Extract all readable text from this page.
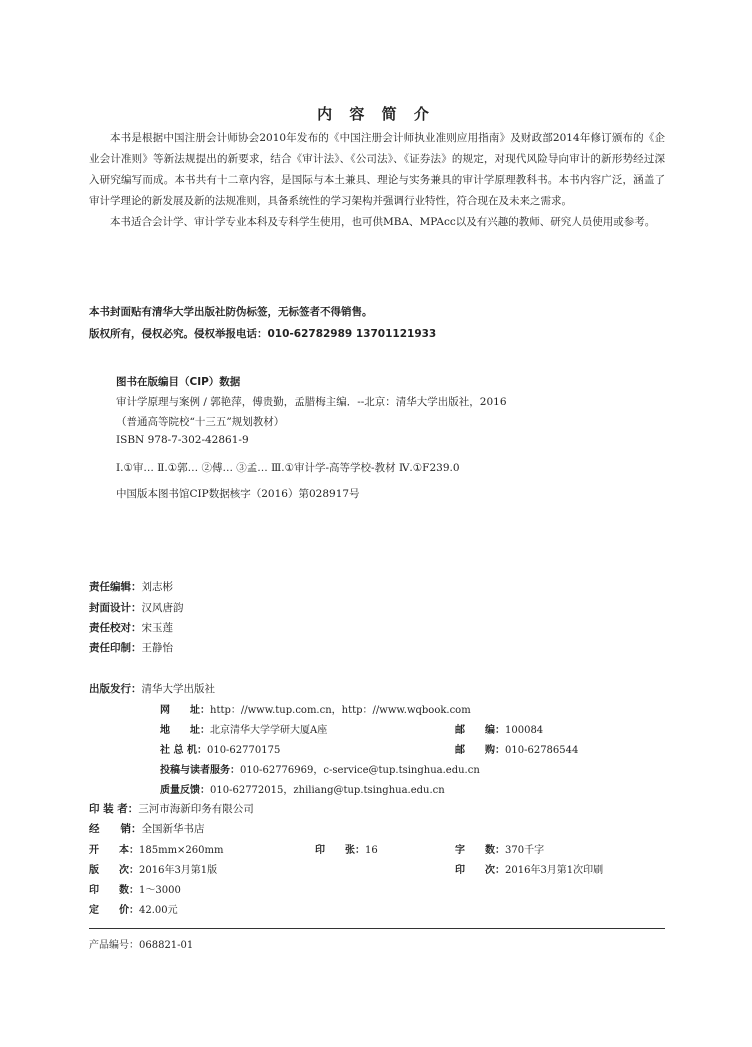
内 容 简 介

本书是根据中国注册会计师协会2010年发布的《中国注册会计师执业准则应用指南》及财政部2014年修订颁布的《企业会计准则》等新法规提出的新要求，结合《审计法》、《公司法》、《证券法》的规定，对现代风险导向审计的新形势经过深入研究编写而成。本书共有十二章内容，是国际与本土兼具、理论与实务兼具的审计学原理教科书。本书内容广泛，涵盖了审计学理论的新发展及新的法规准则，具备系统性的学习架构并强调行业特性，符合现在及未来之需求。

本书适合会计学、审计学专业本科及专科学生使用，也可供MBA、MPAcc以及有兴趣的教师、研究人员使用或参考。

本书封面贴有清华大学出版社防伪标签，无标签者不得销售。
版权所有，侵权必究。侵权举报电话：010-62782989 13701121933
图书在版编目（CIP）数据
审计学原理与案例 / 郭艳萍，傅贵勤，孟腊梅主编．--北京：清华大学出版社，2016
（普通高等院校“十三五”规划教材）
ISBN 978-7-302-42861-9
Ⅰ.①审… Ⅱ.①郭… ②傅… ③孟… Ⅲ.①审计学-高等学校-教材 Ⅳ.①F239.0
中国版本图书馆CIP数据核字（2016）第028917号
责任编辑：刘志彬
封面设计：汉风唐韵
责任校对：宋玉莲
责任印制：王静怡
出版发行：清华大学出版社
网　　址：http：//www.tup.com.cn，http：//www.wqbook.com
地　　址：北京清华大学学研大厦A座	邮　　编：100084
社 总 机：010-62770175	邮　　购：010-62786544
投稿与读者服务：010-62776969，c-service@tup.tsinghua.edu.cn
质量反馈：010-62772015，zhiliang@tup.tsinghua.edu.cn
印 装 者：三河市海新印务有限公司
经　　销：全国新华书店
开　　本：185mm×260mm	印　　张：16	字　　数：370千字
版　　次：2016年3月第1版	印　　次：2016年3月第1次印刷
印　　数：1～3000
定　　价：42.00元
产品编号：068821-01
